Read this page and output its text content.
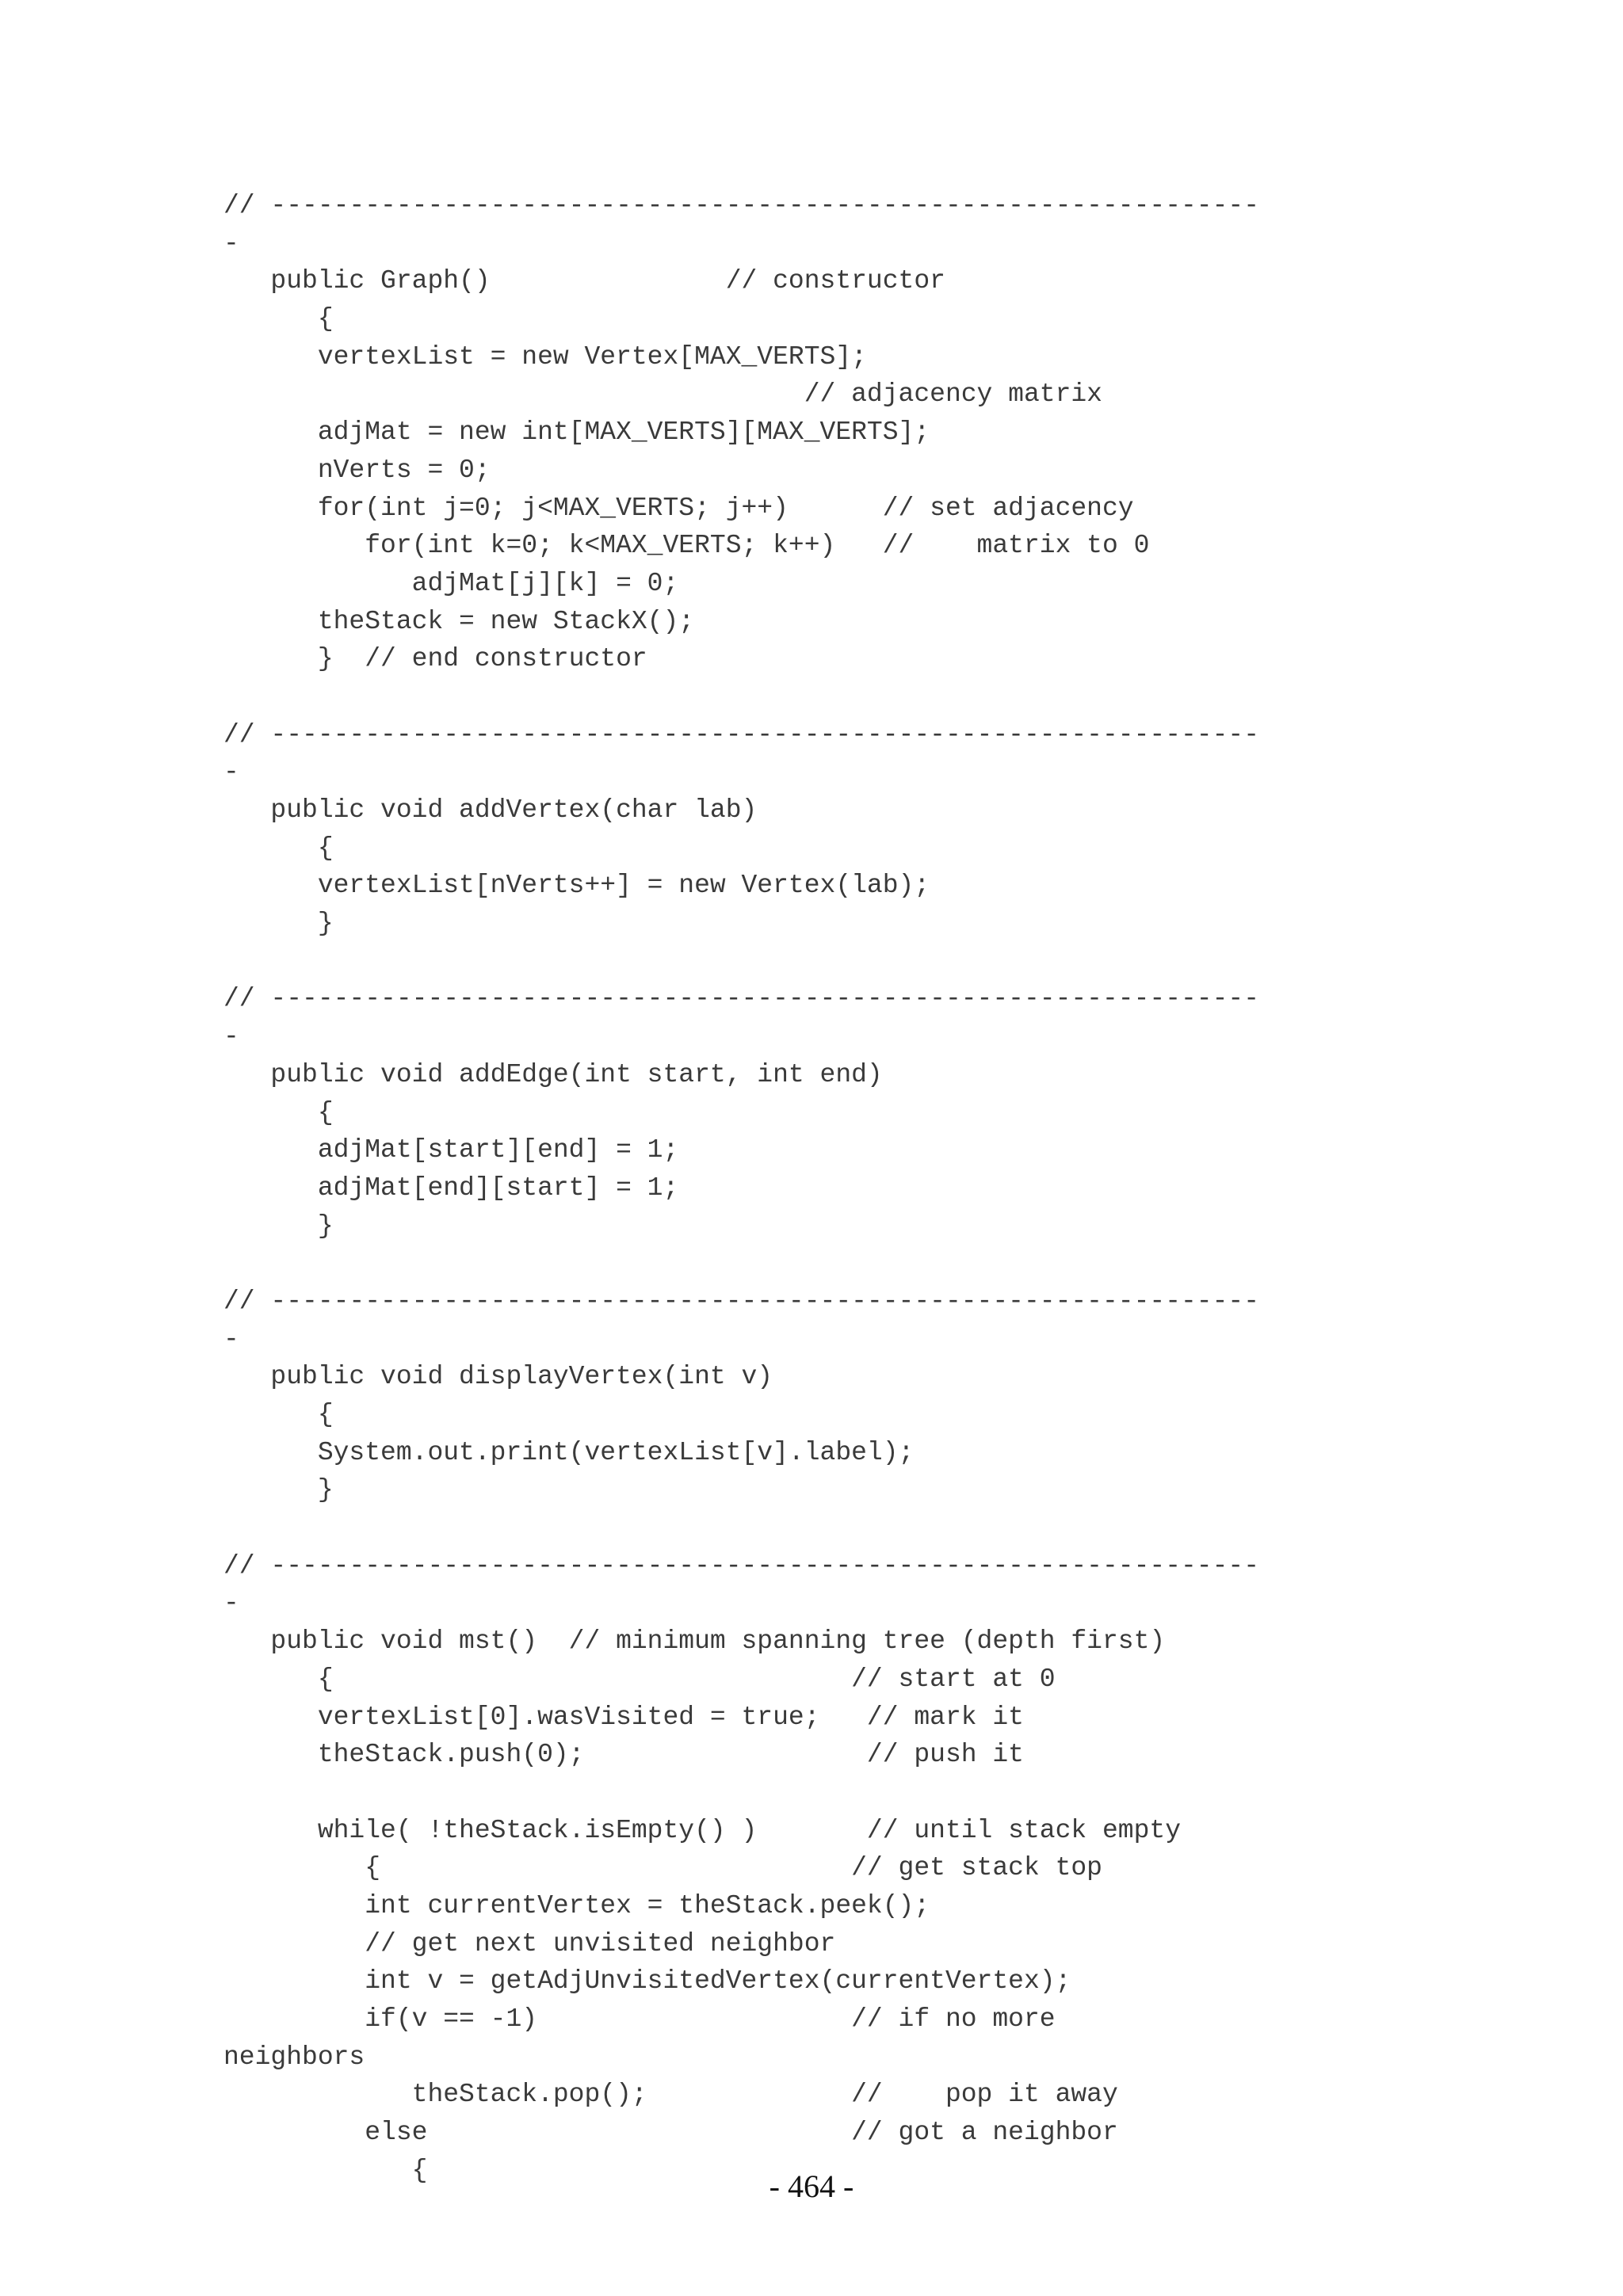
// ---------------------------------------------------------------
-
public Graph()               // constructor
{
vertexList = new Vertex[MAX_VERTS];
// adjacency matrix
adjMat = new int[MAX_VERTS][MAX_VERTS];
nVerts = 0;
for(int j=0; j<MAX_VERTS; j++)      // set adjacency
for(int k=0; k<MAX_VERTS; k++)   //    matrix to 0
adjMat[j][k] = 0;
theStack = new StackX();
}  // end constructor

// ---------------------------------------------------------------
-
public void addVertex(char lab)
{
vertexList[nVerts++] = new Vertex(lab);
}

// ---------------------------------------------------------------
-
public void addEdge(int start, int end)
{
adjMat[start][end] = 1;
adjMat[end][start] = 1;
}

// ---------------------------------------------------------------
-
public void displayVertex(int v)
{
System.out.print(vertexList[v].label);
}

// ---------------------------------------------------------------
-
public void mst()  // minimum spanning tree (depth first)
{                                 // start at 0
vertexList[0].wasVisited = true;   // mark it
theStack.push(0);                  // push it

while( !theStack.isEmpty() )       // until stack empty
{                              // get stack top
int currentVertex = theStack.peek();
// get next unvisited neighbor
int v = getAdjUnvisitedVertex(currentVertex);
if(v == -1)                    // if no more
neighbors
theStack.pop();             //    pop it away
else                           // got a neighbor
{	- 464 -
